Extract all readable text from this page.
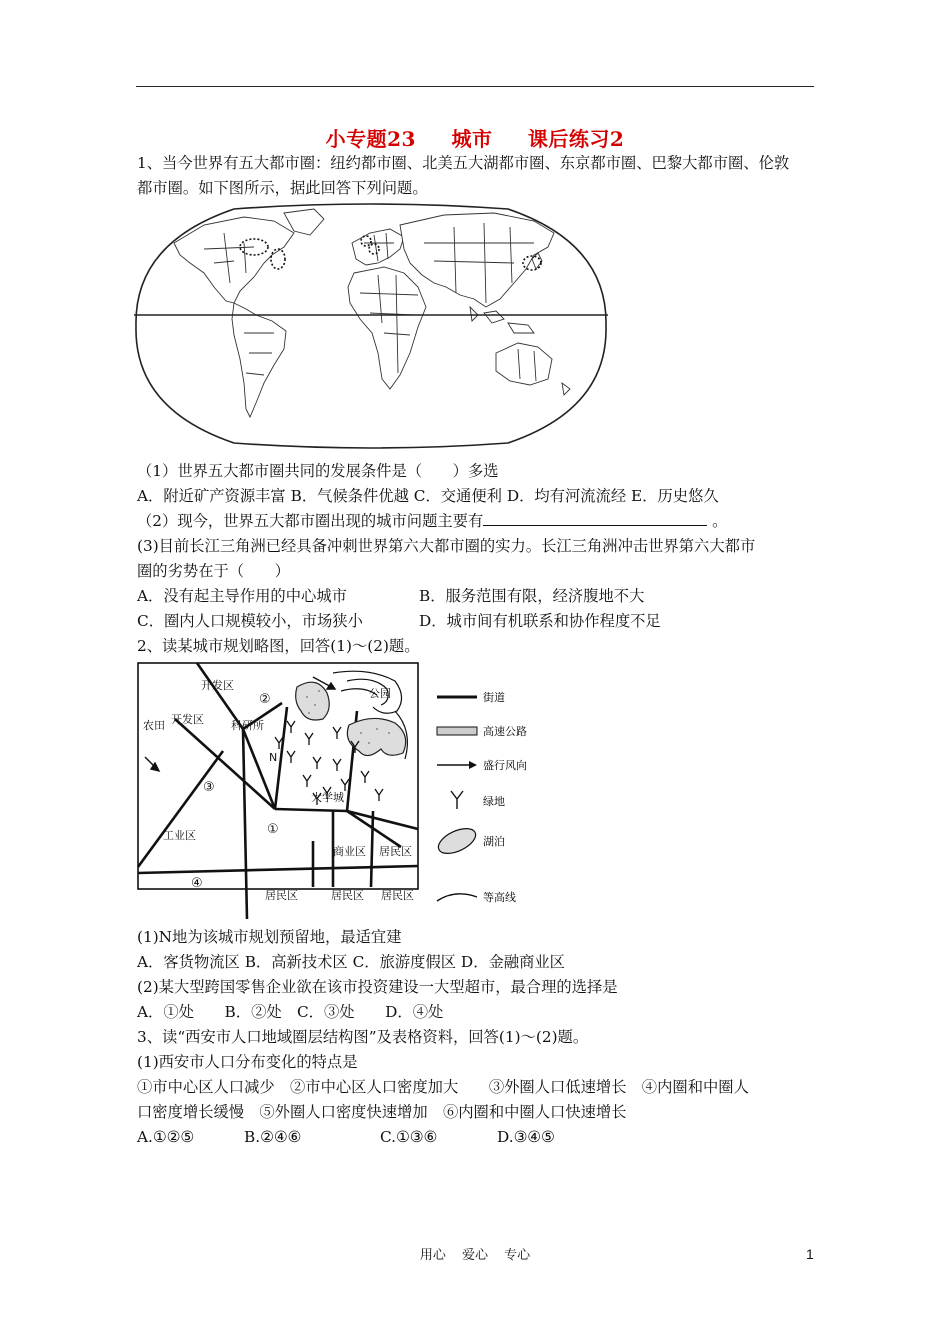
小专题23 城市 课后练习2

1、当今世界有五大都市圈：纽约都市圈、北美五大湖都市圈、东京都市圈、巴黎大都市圈、伦敦

都市圈。如下图所示，据此回答下列问题。

（1）世界五大都市圈共同的发展条件是（　　）多选

A．附近矿产资源丰富 B．气候条件优越 C．交通便利 D．均有河流流经 E．历史悠久

（2）现今，世界五大都市圈出现的城市问题主要有	。

(3)目前长江三角洲已经具备冲刺世界第六大都市圈的实力。长江三角洲冲击世界第六大都市

圈的劣势在于（　　）

A．没有起主导作用的中心城市	B．服务范围有限，经济腹地不大

C．圈内人口规模较小，市场狭小	D．城市间有机联系和协作程度不足

2、读某城市规划略图，回答(1)～(2)题。

开发区
开发区
农田	科研所
公园
N
大学城
工业区
商业区 居民区
居民区	居民区 居民区
②
③
①
④
街道
高速公路
盛行风向
绿地
湖泊
等高线

(1)N地为该城市规划预留地，最适宜建

A．客货物流区 B．高新技术区 C．旅游度假区 D．金融商业区

(2)某大型跨国零售企业欲在该市投资建设一大型超市，最合理的选择是

A．①处　　B．②处　C．③处　　D．④处

3、读“西安市人口地域圈层结构图”及表格资料，回答(1)～(2)题。

(1)西安市人口分布变化的特点是

①市中心区人口减少　②市中心区人口密度加大　　③外圈人口低速增长　④内圈和中圈人

口密度增长缓慢　⑤外圈人口密度快速增加　⑥内圈和中圈人口快速增长

A.①②⑤	B.②④⑥	C.①③⑥	D.③④⑤

用心 爱心 专心	1
